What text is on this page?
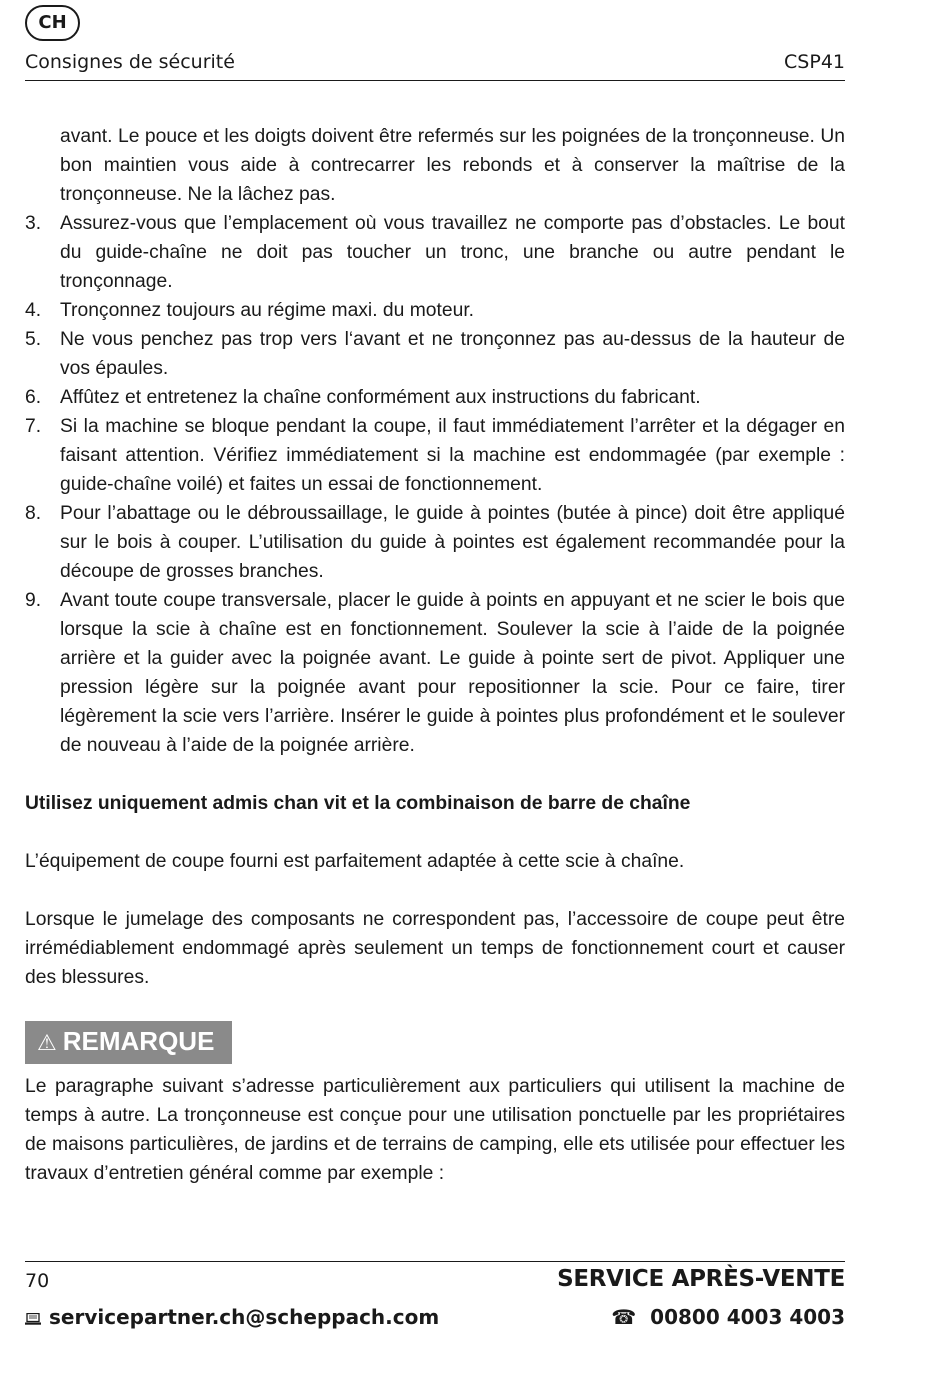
CH
Consignes de sécurité	CSP41

avant. Le pouce et les doigts doivent être refermés sur les poignées de la tronçonneuse. Un bon maintien vous aide à contrecarrer les rebonds et à conserver la maîtrise de la tronçonneuse. Ne la lâchez pas.

3. Assurez-vous que l’emplacement où vous travaillez ne comporte pas d’obstacles. Le bout du guide-chaîne ne doit pas toucher un tronc, une branche ou autre pendant le tronçonnage.
4. Tronçonnez toujours au régime maxi. du moteur.
5. Ne vous penchez pas trop vers l‘avant et ne tronçonnez pas au-dessus de la hauteur de vos épaules.
6. Affûtez et entretenez la chaîne conformément aux instructions du fabricant.
7. Si la machine se bloque pendant la coupe, il faut immédiatement l’arrêter et la dégager en faisant attention. Vérifiez immédiatement si la machine est endommagée (par exemple : guide-chaîne voilé) et faites un essai de fonctionnement.
8. Pour l’abattage ou le débroussaillage, le guide à pointes (butée à pince) doit être appliqué sur le bois à couper. L’utilisation du guide à pointes est également recommandée pour la découpe de grosses branches.
9. Avant toute coupe transversale, placer le guide à points en appuyant et ne scier le bois que lorsque la scie à chaîne est en fonctionnement. Soulever la scie à l’aide de la poignée arrière et la guider avec la poignée avant. Le guide à pointe sert de pivot. Appliquer une pression légère sur la poignée avant pour repositionner la scie. Pour ce faire, tirer légèrement la scie vers l’arrière. Insérer le guide à pointes plus profondément et le soulever de nouveau à l’aide de la poignée arrière.

Utilisez uniquement admis chan vit et la combinaison de barre de chaîne

L’équipement de coupe fourni est parfaitement adaptée à cette scie à chaîne.

Lorsque le jumelage des composants ne correspondent pas, l’accessoire de coupe peut être irrémédiablement endommagé après seulement un temps de fonctionnement court et causer des blessures.

⚠ REMARQUE

Le paragraphe suivant s’adresse particulièrement aux particuliers qui utilisent la machine de temps à autre. La tronçonneuse est conçue pour une utilisation ponctuelle par les propriétaires de maisons particulières, de jardins et de terrains de camping, elle ets utilisée pour effectuer les travaux d’entretien général comme par exemple :

70	SERVICE APRÈS-VENTE
servicepartner.ch@scheppach.com	☎ 00800 4003 4003
